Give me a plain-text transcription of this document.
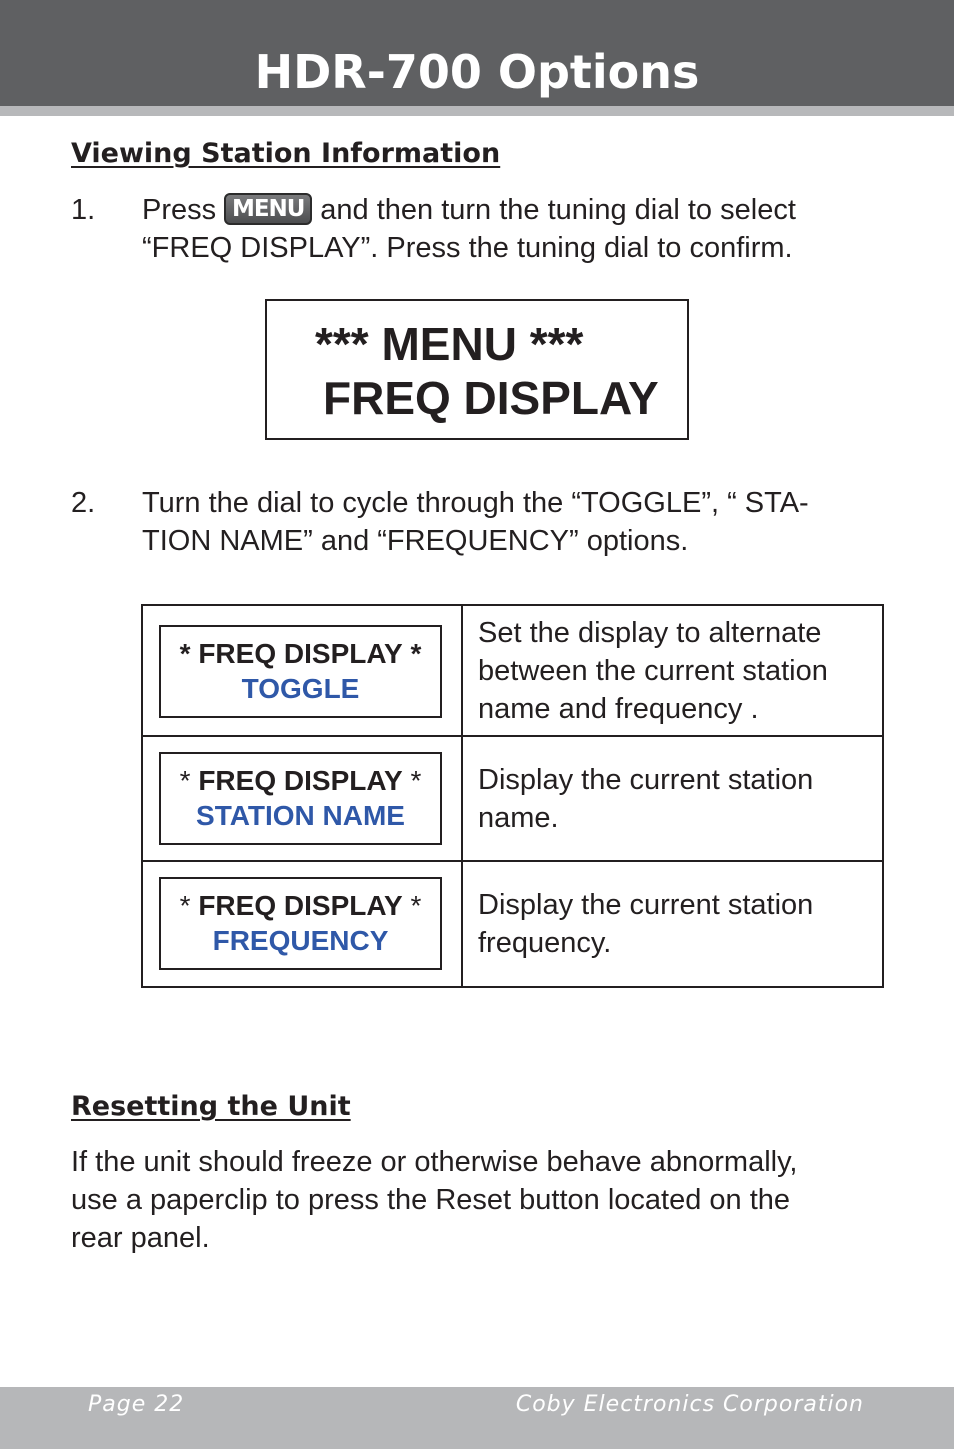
HDR-700 Options
Viewing Station Information
1. Press MENU and then turn the tuning dial to select
“FREQ DISPLAY”. Press the tuning dial to confirm.
*** MENU ***
FREQ DISPLAY
2. Turn the dial to cycle through the “TOGGLE”, “ STA-
TION NAME” and “FREQUENCY” options.
* FREQ DISPLAY *
TOGGLE
Set the display to alternate
between the current station
name and frequency .
* FREQ DISPLAY *
STATION NAME
Display the current station
name.
* FREQ DISPLAY *
FREQUENCY
Display the current station
frequency.
Resetting the Unit
If the unit should freeze or otherwise behave abnormally,
use a paperclip to press the Reset button located on the
rear panel.
Page 22	Coby Electronics Corporation
